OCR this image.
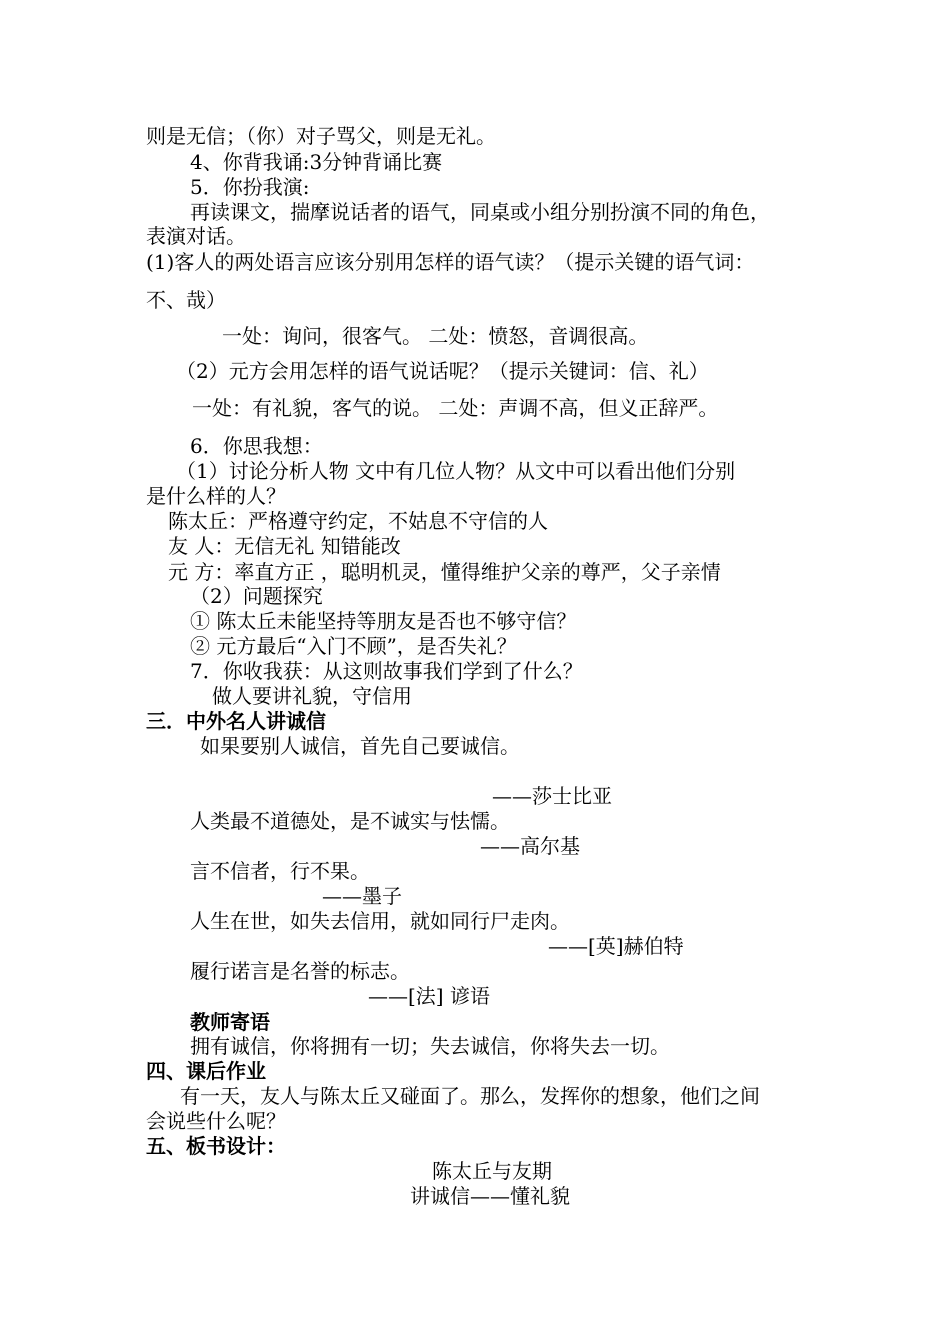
则是无信；（你）对子骂父，则是无礼。
4、你背我诵:3分钟背诵比赛
5．你扮我演:
再读课文，揣摩说话者的语气，同桌或小组分别扮演不同的角色，
表演对话。
(1)客人的两处语言应该分别用怎样的语气读？（提示关键的语气词：
不、哉）
一处：询问，很客气。 二处：愤怒，音调很高。
（2）元方会用怎样的语气说话呢？（提示关键词：信、礼）
一处：有礼貌，客气的说。 二处：声调不高，但义正辞严。
6．你思我想：
（1）讨论分析人物 文中有几位人物？从文中可以看出他们分别
是什么样的人？
陈太丘：严格遵守约定，不姑息不守信的人
友 人：无信无礼 知错能改
元 方：率直方正 ，聪明机灵，懂得维护父亲的尊严，父子亲情
（2）问题探究
① 陈太丘未能坚持等朋友是否也不够守信？
② 元方最后“入门不顾”，是否失礼？
7．你收我获：从这则故事我们学到了什么？
做人要讲礼貌，守信用
三．中外名人讲诚信
如果要别人诚信，首先自己要诚信。
——莎士比亚
人类最不道德处，是不诚实与怯懦。
——高尔基
言不信者，行不果。
——墨子
人生在世，如失去信用，就如同行尸走肉。
——[英]赫伯特
履行诺言是名誉的标志。
——[法] 谚语
教师寄语
拥有诚信，你将拥有一切；失去诚信，你将失去一切。
四、课后作业
有一天，友人与陈太丘又碰面了。那么，发挥你的想象，他们之间
会说些什么呢？
五、板书设计：
陈太丘与友期
讲诚信——懂礼貌
